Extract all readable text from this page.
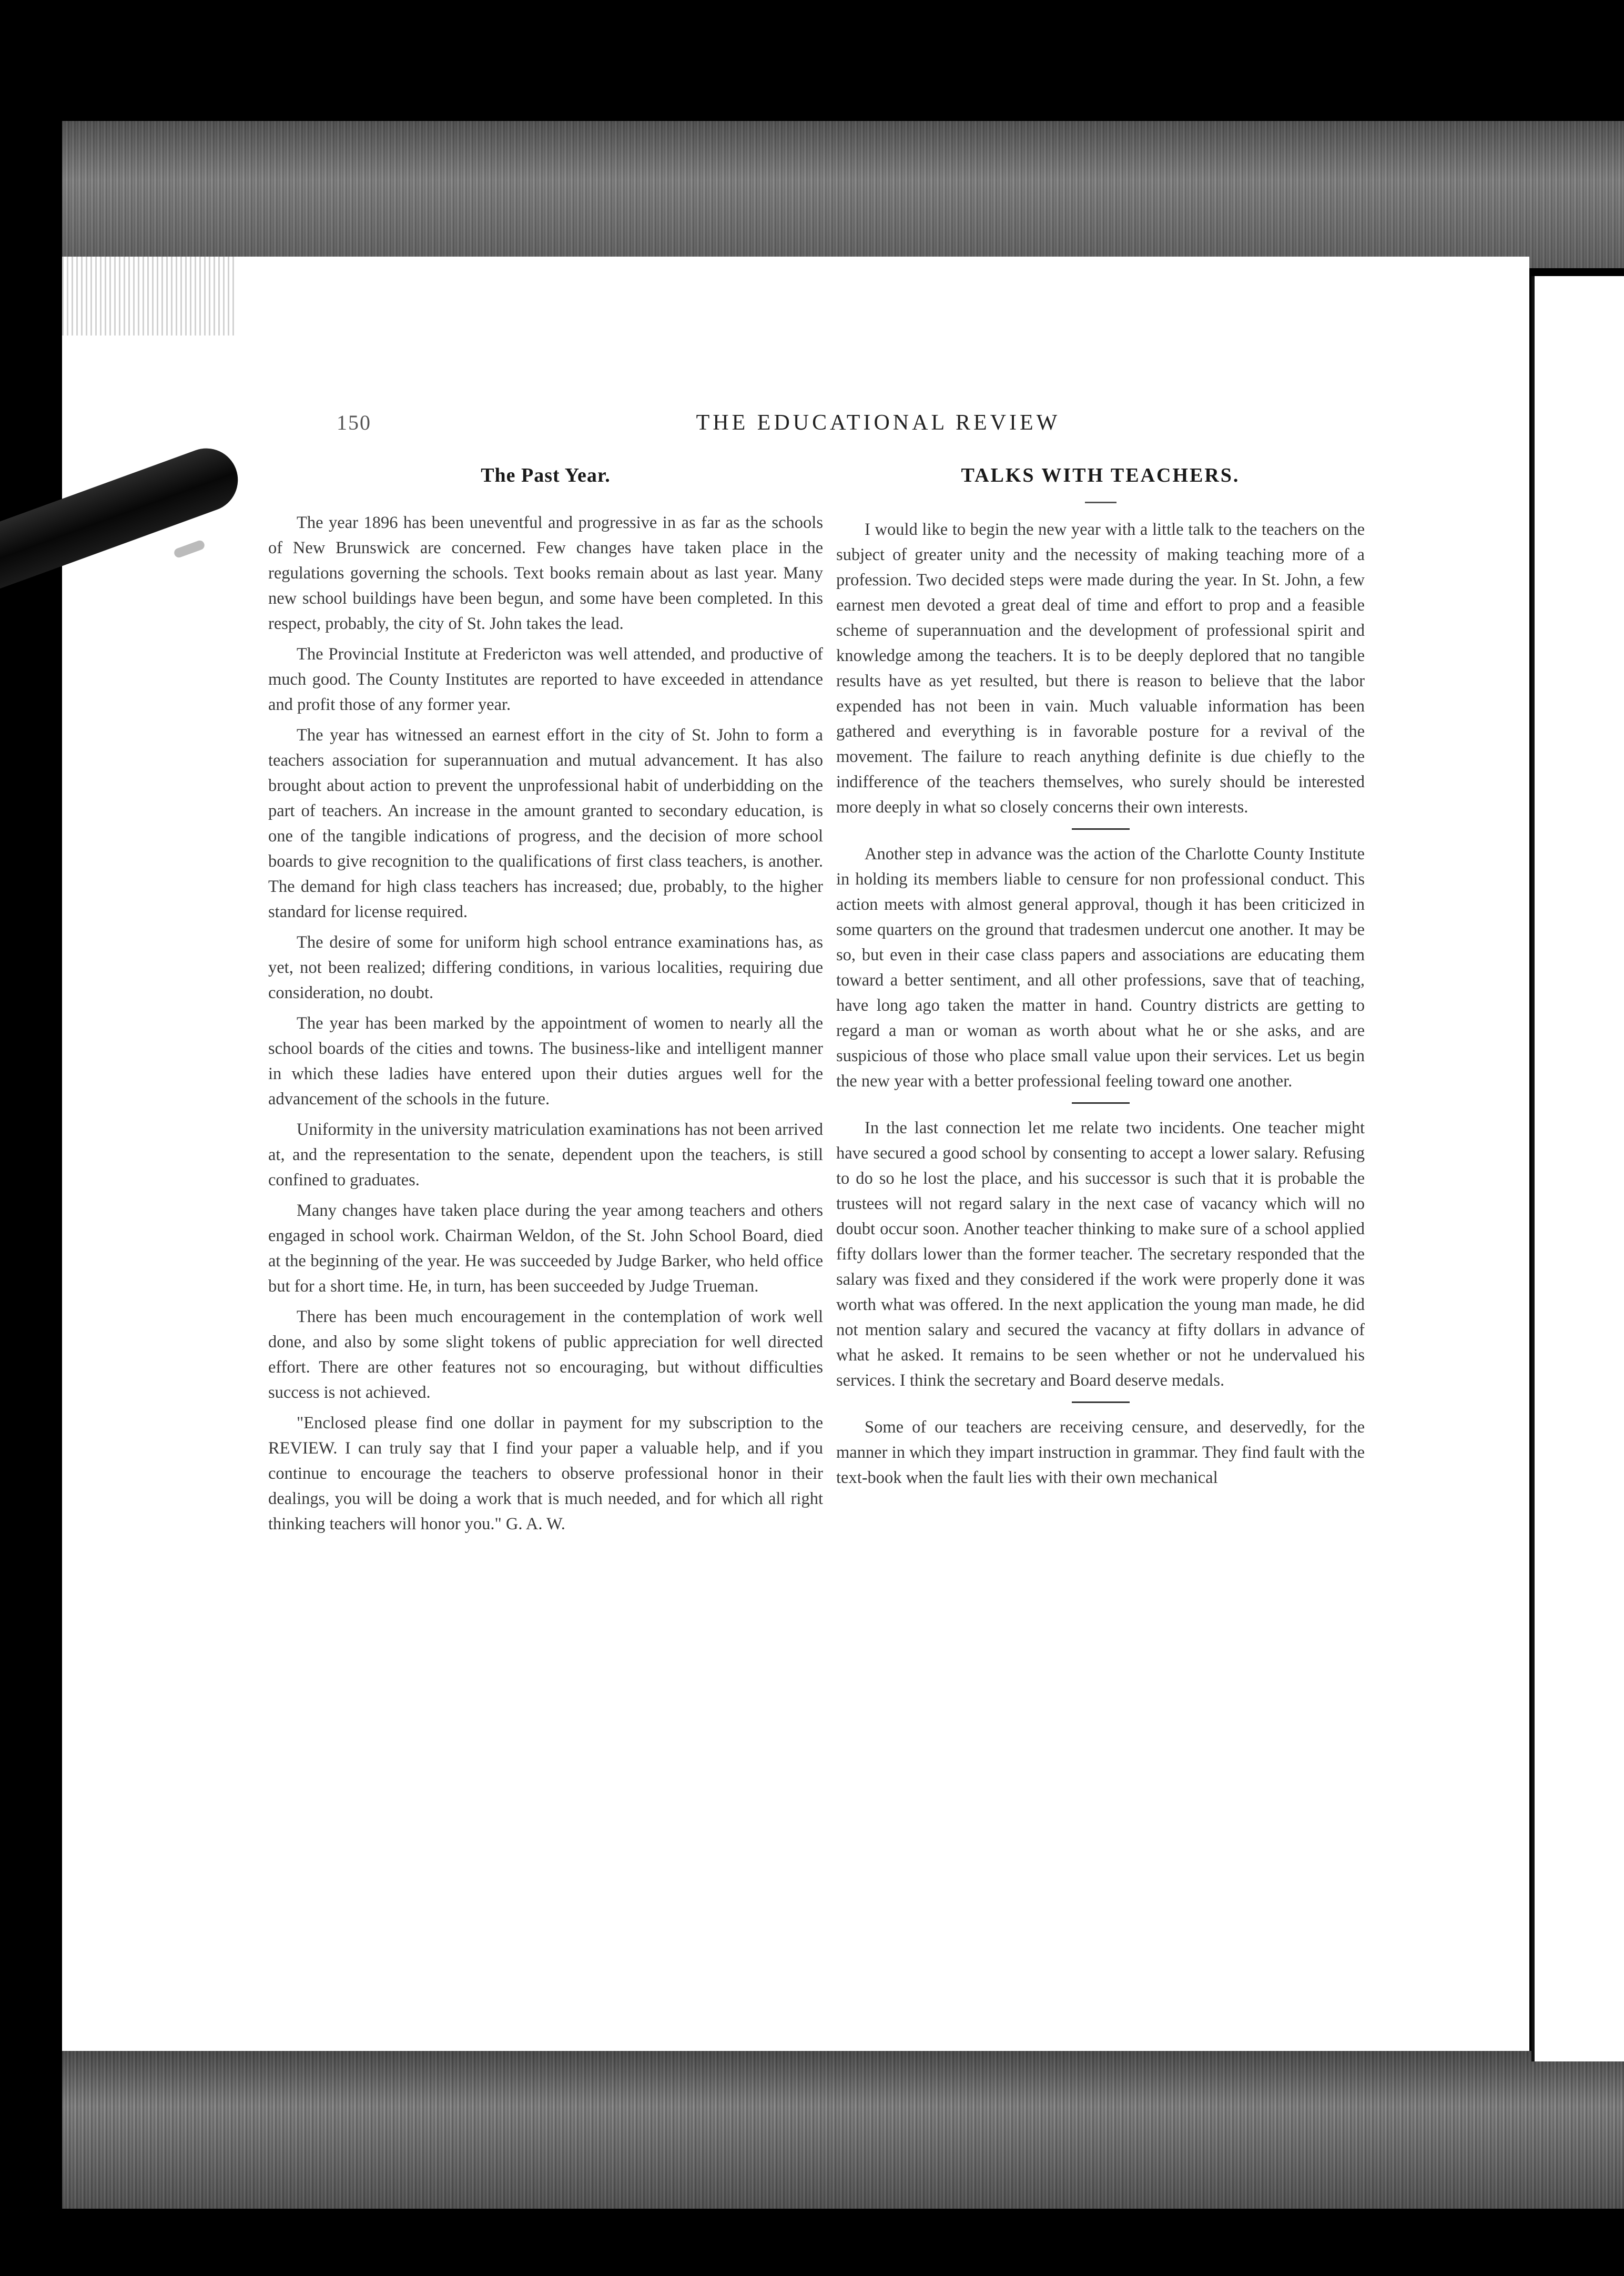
150	THE EDUCATIONAL REVIEW
The Past Year.

The year 1896 has been uneventful and progressive in as far as the schools of New Brunswick are concerned. Few changes have taken place in the regulations governing the schools. Text books remain about as last year. Many new school buildings have been begun, and some have been completed. In this respect, probably, the city of St. John takes the lead.

The Provincial Institute at Fredericton was well attended, and productive of much good. The County Institutes are reported to have exceeded in attendance and profit those of any former year.

The year has witnessed an earnest effort in the city of St. John to form a teachers association for superannuation and mutual advancement. It has also brought about action to prevent the unprofessional habit of underbidding on the part of teachers. An increase in the amount granted to secondary education, is one of the tangible indications of progress, and the decision of more school boards to give recognition to the qualifications of first class teachers, is another. The demand for high class teachers has increased; due, probably, to the higher standard for license required.

The desire of some for uniform high school entrance examinations has, as yet, not been realized; differing conditions, in various localities, requiring due consideration, no doubt.

The year has been marked by the appointment of women to nearly all the school boards of the cities and towns. The business-like and intelligent manner in which these ladies have entered upon their duties argues well for the advancement of the schools in the future.

Uniformity in the university matriculation examinations has not been arrived at, and the representation to the senate, dependent upon the teachers, is still confined to graduates.

Many changes have taken place during the year among teachers and others engaged in school work. Chairman Weldon, of the St. John School Board, died at the beginning of the year. He was succeeded by Judge Barker, who held office but for a short time. He, in turn, has been succeeded by Judge Trueman.

There has been much encouragement in the contemplation of work well done, and also by some slight tokens of public appreciation for well directed effort. There are other features not so encouraging, but without difficulties success is not achieved.

"Enclosed please find one dollar in payment for my subscription to the REVIEW. I can truly say that I find your paper a valuable help, and if you continue to encourage the teachers to observe professional honor in their dealings, you will be doing a work that is much needed, and for which all right thinking teachers will honor you." G. A. W.

TALKS WITH TEACHERS.

I would like to begin the new year with a little talk to the teachers on the subject of greater unity and the necessity of making teaching more of a profession. Two decided steps were made during the year. In St. John, a few earnest men devoted a great deal of time and effort to prop and a feasible scheme of superannuation and the development of professional spirit and knowledge among the teachers. It is to be deeply deplored that no tangible results have as yet resulted, but there is reason to believe that the labor expended has not been in vain. Much valuable information has been gathered and everything is in favorable posture for a revival of the movement. The failure to reach anything definite is due chiefly to the indifference of the teachers themselves, who surely should be interested more deeply in what so closely concerns their own interests.

Another step in advance was the action of the Charlotte County Institute in holding its members liable to censure for non professional conduct. This action meets with almost general approval, though it has been criticized in some quarters on the ground that tradesmen undercut one another. It may be so, but even in their case class papers and associations are educating them toward a better sentiment, and all other professions, save that of teaching, have long ago taken the matter in hand. Country districts are getting to regard a man or woman as worth about what he or she asks, and are suspicious of those who place small value upon their services. Let us begin the new year with a better professional feeling toward one another.

In the last connection let me relate two incidents. One teacher might have secured a good school by consenting to accept a lower salary. Refusing to do so he lost the place, and his successor is such that it is probable the trustees will not regard salary in the next case of vacancy which will no doubt occur soon. Another teacher thinking to make sure of a school applied fifty dollars lower than the former teacher. The secretary responded that the salary was fixed and they considered if the work were properly done it was worth what was offered. In the next application the young man made, he did not mention salary and secured the vacancy at fifty dollars in advance of what he asked. It remains to be seen whether or not he undervalued his services. I think the secretary and Board deserve medals.

Some of our teachers are receiving censure, and deservedly, for the manner in which they impart instruction in grammar. They find fault with the text-book when the fault lies with their own mechanical
